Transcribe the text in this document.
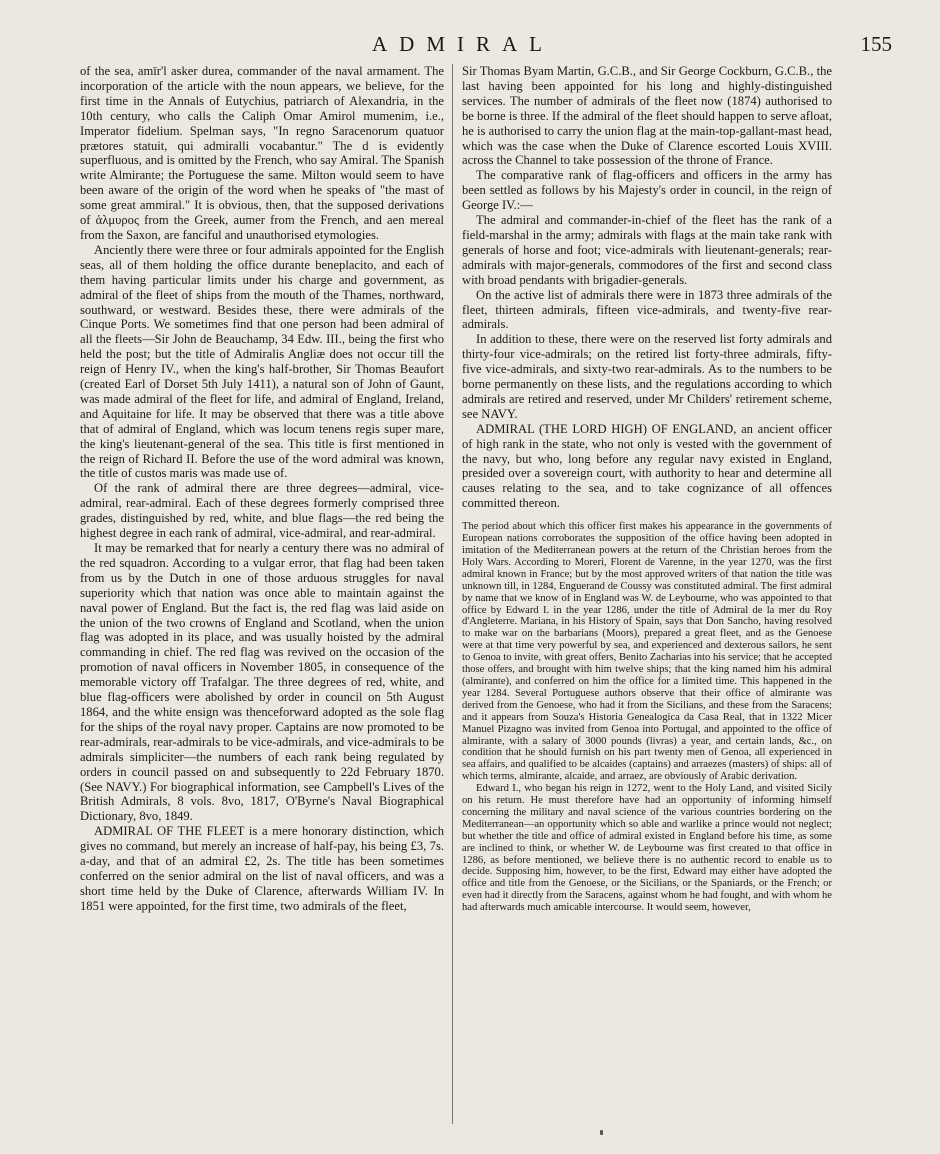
ADMIRAL	155

of the sea, amīr'l asker durea, commander of the naval armament. The incorporation of the article with the noun appears, we believe, for the first time in the Annals of Eutychius, patriarch of Alexandria, in the 10th century, who calls the Caliph Omar Amirol mumenim, i.e., Imperator fidelium. Spelman says, "In regno Saracenorum quatuor prætores statuit, qui admiralli vocabantur." The d is evidently superfluous, and is omitted by the French, who say Amiral. The Spanish write Almirante; the Portuguese the same. Milton would seem to have been aware of the origin of the word when he speaks of "the mast of some great ammiral." It is obvious, then, that the supposed derivations of ἁλμυρος from the Greek, aumer from the French, and aen mereal from the Saxon, are fanciful and unauthorised etymologies.

Anciently there were three or four admirals appointed for the English seas, all of them holding the office durante beneplacito, and each of them having particular limits under his charge and government, as admiral of the fleet of ships from the mouth of the Thames, northward, southward, or westward. Besides these, there were admirals of the Cinque Ports. We sometimes find that one person had been admiral of all the fleets—Sir John de Beauchamp, 34 Edw. III., being the first who held the post; but the title of Admiralis Angliæ does not occur till the reign of Henry IV., when the king's half-brother, Sir Thomas Beaufort (created Earl of Dorset 5th July 1411), a natural son of John of Gaunt, was made admiral of the fleet for life, and admiral of England, Ireland, and Aquitaine for life. It may be observed that there was a title above that of admiral of England, which was locum tenens regis super mare, the king's lieutenant-general of the sea. This title is first mentioned in the reign of Richard II. Before the use of the word admiral was known, the title of custos maris was made use of.

Of the rank of admiral there are three degrees—admiral, vice-admiral, rear-admiral. Each of these degrees formerly comprised three grades, distinguished by red, white, and blue flags—the red being the highest degree in each rank of admiral, vice-admiral, and rear-admiral.

It may be remarked that for nearly a century there was no admiral of the red squadron. According to a vulgar error, that flag had been taken from us by the Dutch in one of those arduous struggles for naval superiority which that nation was once able to maintain against the naval power of England. But the fact is, the red flag was laid aside on the union of the two crowns of England and Scotland, when the union flag was adopted in its place, and was usually hoisted by the admiral commanding in chief. The red flag was revived on the occasion of the promotion of naval officers in November 1805, in consequence of the memorable victory off Trafalgar. The three degrees of red, white, and blue flag-officers were abolished by order in council on 5th August 1864, and the white ensign was thenceforward adopted as the sole flag for the ships of the royal navy proper. Captains are now promoted to be rear-admirals, rear-admirals to be vice-admirals, and vice-admirals to be admirals simpliciter—the numbers of each rank being regulated by orders in council passed on and subsequently to 22d February 1870. (See NAVY.) For biographical information, see Campbell's Lives of the British Admirals, 8 vols. 8vo, 1817, O'Byrne's Naval Biographical Dictionary, 8vo, 1849.

ADMIRAL OF THE FLEET is a mere honorary distinction, which gives no command, but merely an increase of half-pay, his being £3, 7s. a-day, and that of an admiral £2, 2s. The title has been sometimes conferred on the senior admiral on the list of naval officers, and was a short time held by the Duke of Clarence, afterwards William IV. In 1851 were appointed, for the first time, two admirals of the fleet,

Sir Thomas Byam Martin, G.C.B., and Sir George Cockburn, G.C.B., the last having been appointed for his long and highly-distinguished services. The number of admirals of the fleet now (1874) authorised to be borne is three. If the admiral of the fleet should happen to serve afloat, he is authorised to carry the union flag at the main-top-gallant-mast head, which was the case when the Duke of Clarence escorted Louis XVIII. across the Channel to take possession of the throne of France.

The comparative rank of flag-officers and officers in the army has been settled as follows by his Majesty's order in council, in the reign of George IV.:—

The admiral and commander-in-chief of the fleet has the rank of a field-marshal in the army; admirals with flags at the main take rank with generals of horse and foot; vice-admirals with lieutenant-generals; rear-admirals with major-generals, commodores of the first and second class with broad pendants with brigadier-generals.

On the active list of admirals there were in 1873 three admirals of the fleet, thirteen admirals, fifteen vice-admirals, and twenty-five rear-admirals.

In addition to these, there were on the reserved list forty admirals and thirty-four vice-admirals; on the retired list forty-three admirals, fifty-five vice-admirals, and sixty-two rear-admirals. As to the numbers to be borne permanently on these lists, and the regulations according to which admirals are retired and reserved, under Mr Childers' retirement scheme, see NAVY.

ADMIRAL (THE LORD HIGH) OF ENGLAND, an ancient officer of high rank in the state, who not only is vested with the government of the navy, but who, long before any regular navy existed in England, presided over a sovereign court, with authority to hear and determine all causes relating to the sea, and to take cognizance of all offences committed thereon.

The period about which this officer first makes his appearance in the governments of European nations corroborates the supposition of the office having been adopted in imitation of the Mediterranean powers at the return of the Christian heroes from the Holy Wars. According to Moreri, Florent de Varenne, in the year 1270, was the first admiral known in France; but by the most approved writers of that nation the title was unknown till, in 1284, Enguerand de Coussy was constituted admiral. The first admiral by name that we know of in England was W. de Leybourne, who was appointed to that office by Edward I. in the year 1286, under the title of Admiral de la mer du Roy d'Angleterre. Mariana, in his History of Spain, says that Don Sancho, having resolved to make war on the barbarians (Moors), prepared a great fleet, and as the Genoese were at that time very powerful by sea, and experienced and dexterous sailors, he sent to Genoa to invite, with great offers, Benito Zacharias into his service; that he accepted those offers, and brought with him twelve ships; that the king named him his admiral (almirante), and conferred on him the office for a limited time. This happened in the year 1284. Several Portuguese authors observe that their office of almirante was derived from the Genoese, who had it from the Sicilians, and these from the Saracens; and it appears from Souza's Historia Genealogica da Casa Real, that in 1322 Micer Manuel Pizagno was invited from Genoa into Portugal, and appointed to the office of almirante, with a salary of 3000 pounds (livras) a year, and certain lands, &c., on condition that he should furnish on his part twenty men of Genoa, all experienced in sea affairs, and qualified to be alcaides (captains) and arraezes (masters) of ships: all of which terms, almirante, alcaide, and arraez, are obviously of Arabic derivation.

Edward I., who began his reign in 1272, went to the Holy Land, and visited Sicily on his return. He must therefore have had an opportunity of informing himself concerning the military and naval science of the various countries bordering on the Mediterranean—an opportunity which so able and warlike a prince would not neglect; but whether the title and office of admiral existed in England before his time, as some are inclined to think, or whether W. de Leybourne was first created to that office in 1286, as before mentioned, we believe there is no authentic record to enable us to decide. Supposing him, however, to be the first, Edward may either have adopted the office and title from the Genoese, or the Sicilians, or the Spaniards, or the French; or even had it directly from the Saracens, against whom he had fought, and with whom he had afterwards much amicable intercourse. It would seem, however,
